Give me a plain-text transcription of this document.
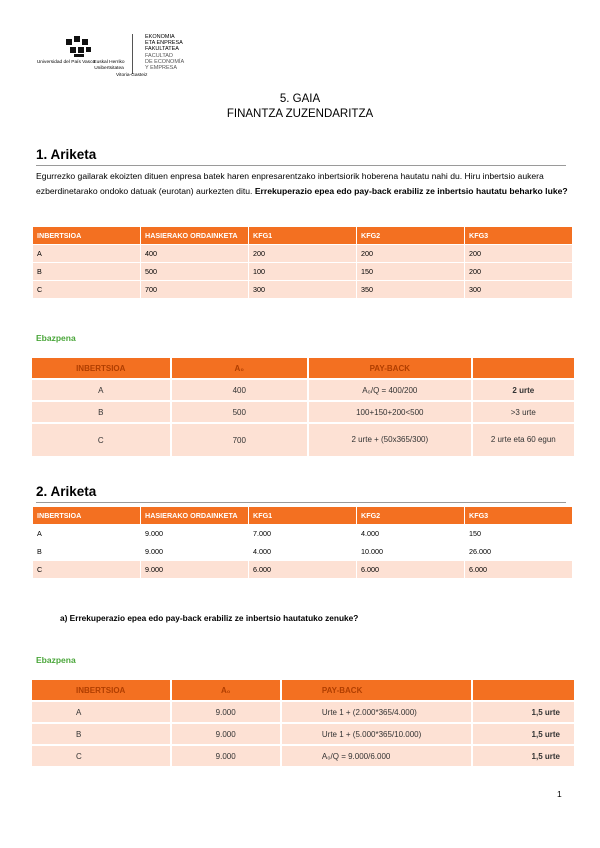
Universidad del País Vasco
Euskal Herriko Unibertsitatea
EKONOMIA
ETA ENPRESA
FAKULTATEA
FACULTAD
DE ECONOMÍA
Y EMPRESA
Vitoria-Gasteiz
5. GAIA
FINANTZA ZUZENDARITZA
1. Ariketa
Egurrezko gailarak ekoizten dituen enpresa batek haren enpresarentzako inbertsiorik hoberena hautatu nahi du. Hiru inbertsio aukera ezberdinetarako ondoko datuak (eurotan) aurkezten ditu. Errekuperazio epea edo pay-back erabiliz ze inbertsio hautatu beharko luke?
INBERTSIOA	HASIERAKO ORDAINKETA	KFG1	KFG2	KFG3
A	400	200	200	200
B	500	100	150	200
C	700	300	350	300
Ebazpena
INBERTSIOA	A₀	PAY-BACK	
A	400	A₀/Q = 400/200	2 urte
B	500	100+150+200<500	>3 urte
C	700	2 urte + (50x365/300)	2 urte eta 60 egun
2. Ariketa
INBERTSIOA	HASIERAKO ORDAINKETA	KFG1	KFG2	KFG3
A	9.000	7.000	4.000	150
B	9.000	4.000	10.000	26.000
C	9.000	6.000	6.000	6.000
a) Errekuperazio epea edo pay-back erabiliz ze inbertsio hautatuko zenuke?
Ebazpena
INBERTSIOA	A₀	PAY-BACK	
A	9.000	Urte 1 + (2.000*365/4.000)	1,5 urte
B	9.000	Urte 1 + (5.000*365/10.000)	1,5 urte
C	9.000	A₀/Q = 9.000/6.000	1,5 urte
1
